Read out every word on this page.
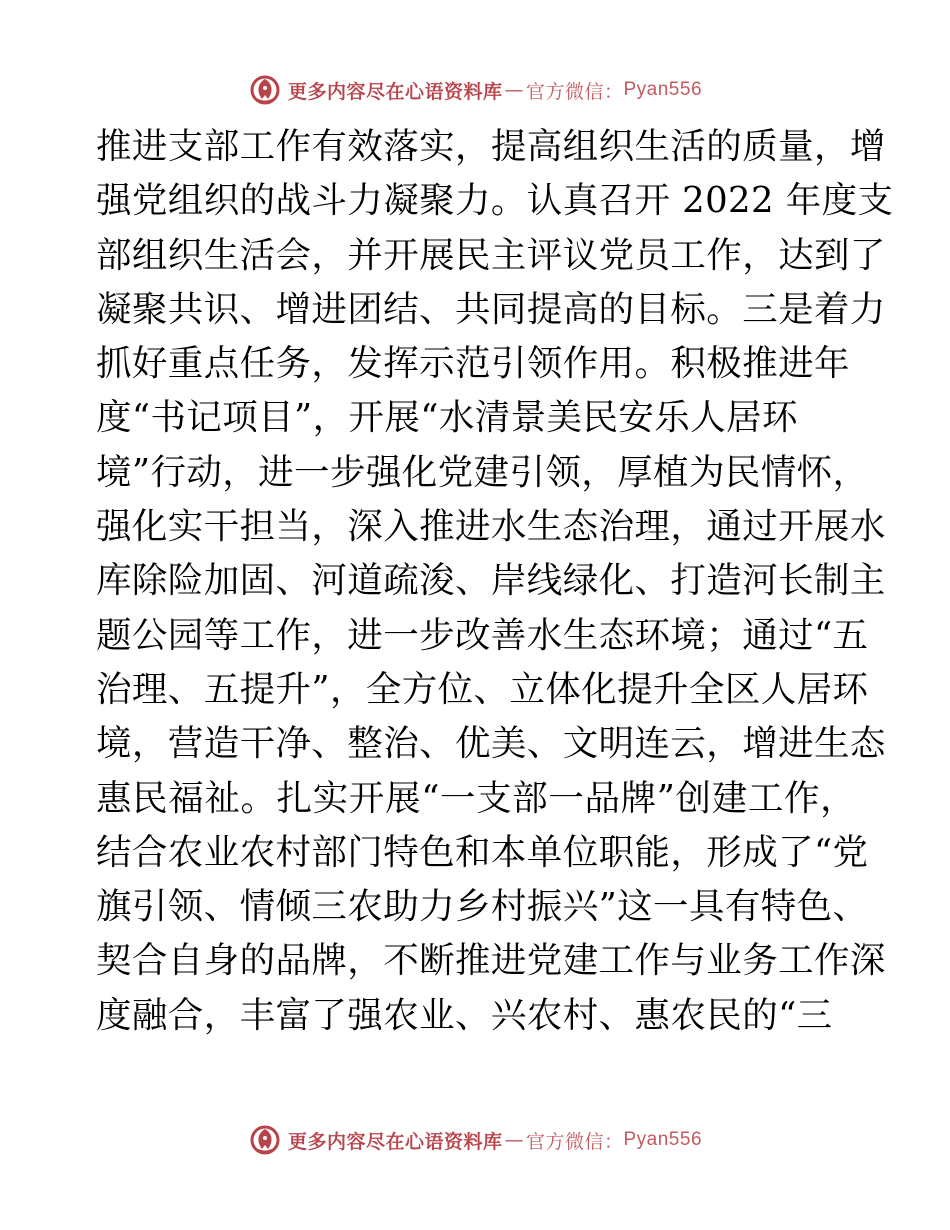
更多内容尽在心语资料库 — 官方微信： Pyan556
推进支部工作有效落实，提高组织生活的质量，增
强党组织的战斗力凝聚力。认真召开 2022 年度支
部组织生活会，并开展民主评议党员工作，达到了
凝聚共识、增进团结、共同提高的目标。三是着力
抓好重点任务，发挥示范引领作用。积极推进年
度“书记项目”，开展“水清景美民安乐人居环
境”行动，进一步强化党建引领，厚植为民情怀，
强化实干担当，深入推进水生态治理，通过开展水
库除险加固、河道疏浚、岸线绿化、打造河长制主
题公园等工作，进一步改善水生态环境；通过“五
治理、五提升”，全方位、立体化提升全区人居环
境，营造干净、整治、优美、文明连云，增进生态
惠民福祉。扎实开展“一支部一品牌”创建工作，
结合农业农村部门特色和本单位职能，形成了“党
旗引领、情倾三农助力乡村振兴”这一具有特色、
契合自身的品牌，不断推进党建工作与业务工作深
度融合，丰富了强农业、兴农村、惠农民的“三
更多内容尽在心语资料库 — 官方微信： Pyan556
